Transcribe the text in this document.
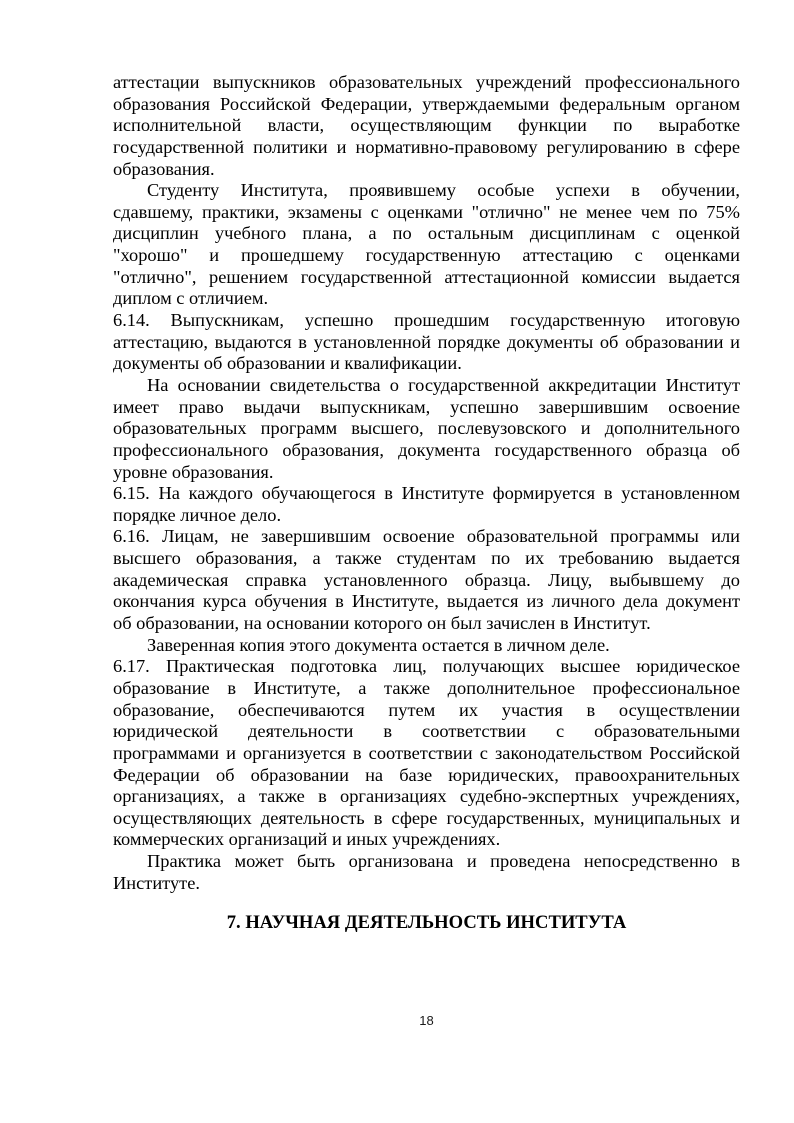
аттестации выпускников образовательных учреждений профессионального
образования Российской Федерации, утверждаемыми федеральным органом
исполнительной власти, осуществляющим функции по выработке
государственной политики и нормативно-правовому регулированию в сфере
образования.
Студенту Института, проявившему особые успехи в обучении,
сдавшему, практики, экзамены с оценками "отлично" не менее чем по 75%
дисциплин учебного плана, а по остальным дисциплинам с оценкой
"хорошо" и прошедшему государственную аттестацию с оценками
"отлично", решением государственной аттестационной комиссии выдается
диплом с отличием.
6.14. Выпускникам, успешно прошедшим государственную итоговую
аттестацию, выдаются в установленной порядке документы об образовании и
документы об образовании и квалификации.
На основании свидетельства о государственной аккредитации Институт
имеет право выдачи выпускникам, успешно завершившим освоение
образовательных программ высшего, послевузовского и дополнительного
профессионального образования, документа государственного образца об
уровне образования.
6.15. На каждого обучающегося в Институте формируется в установленном
порядке личное дело.
6.16. Лицам, не завершившим освоение образовательной программы или
высшего образования, а также студентам по их требованию выдается
академическая справка установленного образца. Лицу, выбывшему до
окончания курса обучения в Институте, выдается из личного дела документ
об образовании, на основании которого он был зачислен в Институт.
Заверенная копия этого документа остается в личном деле.
6.17. Практическая подготовка лиц, получающих высшее юридическое
образование в Институте, а также дополнительное профессиональное
образование, обеспечиваются путем их участия в осуществлении
юридической деятельности в соответствии с образовательными
программами и организуется в соответствии с законодательством Российской
Федерации об образовании на базе юридических, правоохранительных
организациях, а также в организациях судебно-экспертных учреждениях,
осуществляющих деятельность в сфере государственных, муниципальных и
коммерческих организаций и иных учреждениях.
Практика может быть организована и проведена непосредственно в
Институте.
7. НАУЧНАЯ ДЕЯТЕЛЬНОСТЬ ИНСТИТУТА
18
